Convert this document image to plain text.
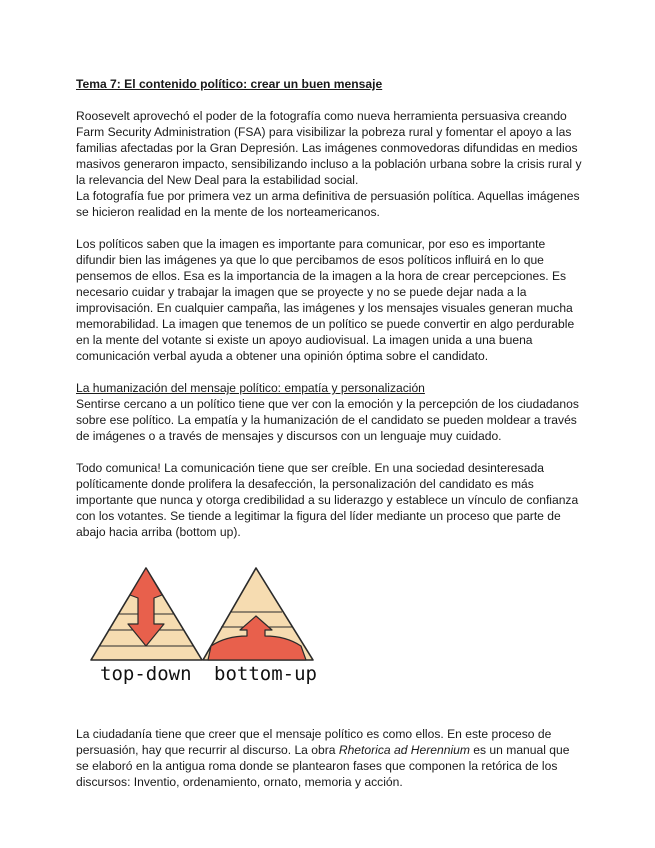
Tema 7: El contenido político: crear un buen mensaje

Roosevelt aprovechó el poder de la fotografía como nueva herramienta persuasiva creando Farm Security Administration (FSA) para visibilizar la pobreza rural y fomentar el apoyo a las familias afectadas por la Gran Depresión. Las imágenes conmovedoras difundidas en medios masivos generaron impacto, sensibilizando incluso a la población urbana sobre la crisis rural y la relevancia del New Deal para la estabilidad social.

La fotografía fue por primera vez un arma definitiva de persuasión política. Aquellas imágenes se hicieron realidad en la mente de los norteamericanos.

Los políticos saben que la imagen es importante para comunicar, por eso es importante difundir bien las imágenes ya que lo que percibamos de esos políticos influirá en lo que pensemos de ellos. Esa es la importancia de la imagen a la hora de crear percepciones. Es necesario cuidar y trabajar la imagen que se proyecte y no se puede dejar nada a la improvisación. En cualquier campaña, las imágenes y los mensajes visuales generan mucha memorabilidad. La imagen que tenemos de un político se puede convertir en algo perdurable en la mente del votante si existe un apoyo audiovisual. La imagen unida a una buena comunicación verbal ayuda a obtener una opinión óptima sobre el candidato.

La humanización del mensaje político: empatía y personalización

Sentirse cercano a un político tiene que ver con la emoción y la percepción de los ciudadanos sobre ese político. La empatía y la humanización de el candidato se pueden moldear a través de imágenes o a través de mensajes y discursos con un lenguaje muy cuidado.

Todo comunica! La comunicación tiene que ser creíble. En una sociedad desinteresada políticamente donde prolifera la desafección, la personalización del candidato es más importante que nunca y otorga credibilidad a su liderazgo y establece un vínculo de confianza con los votantes. Se tiende a legitimar la figura del líder mediante un proceso que parte de abajo hacia arriba (bottom up).

top-down bottom-up

La ciudadanía tiene que creer que el mensaje político es como ellos. En este proceso de persuasión, hay que recurrir al discurso. La obra Rhetorica ad Herennium es un manual que se elaboró en la antigua roma donde se plantearon fases que componen la retórica de los discursos: Inventio, ordenamiento, ornato, memoria y acción.
